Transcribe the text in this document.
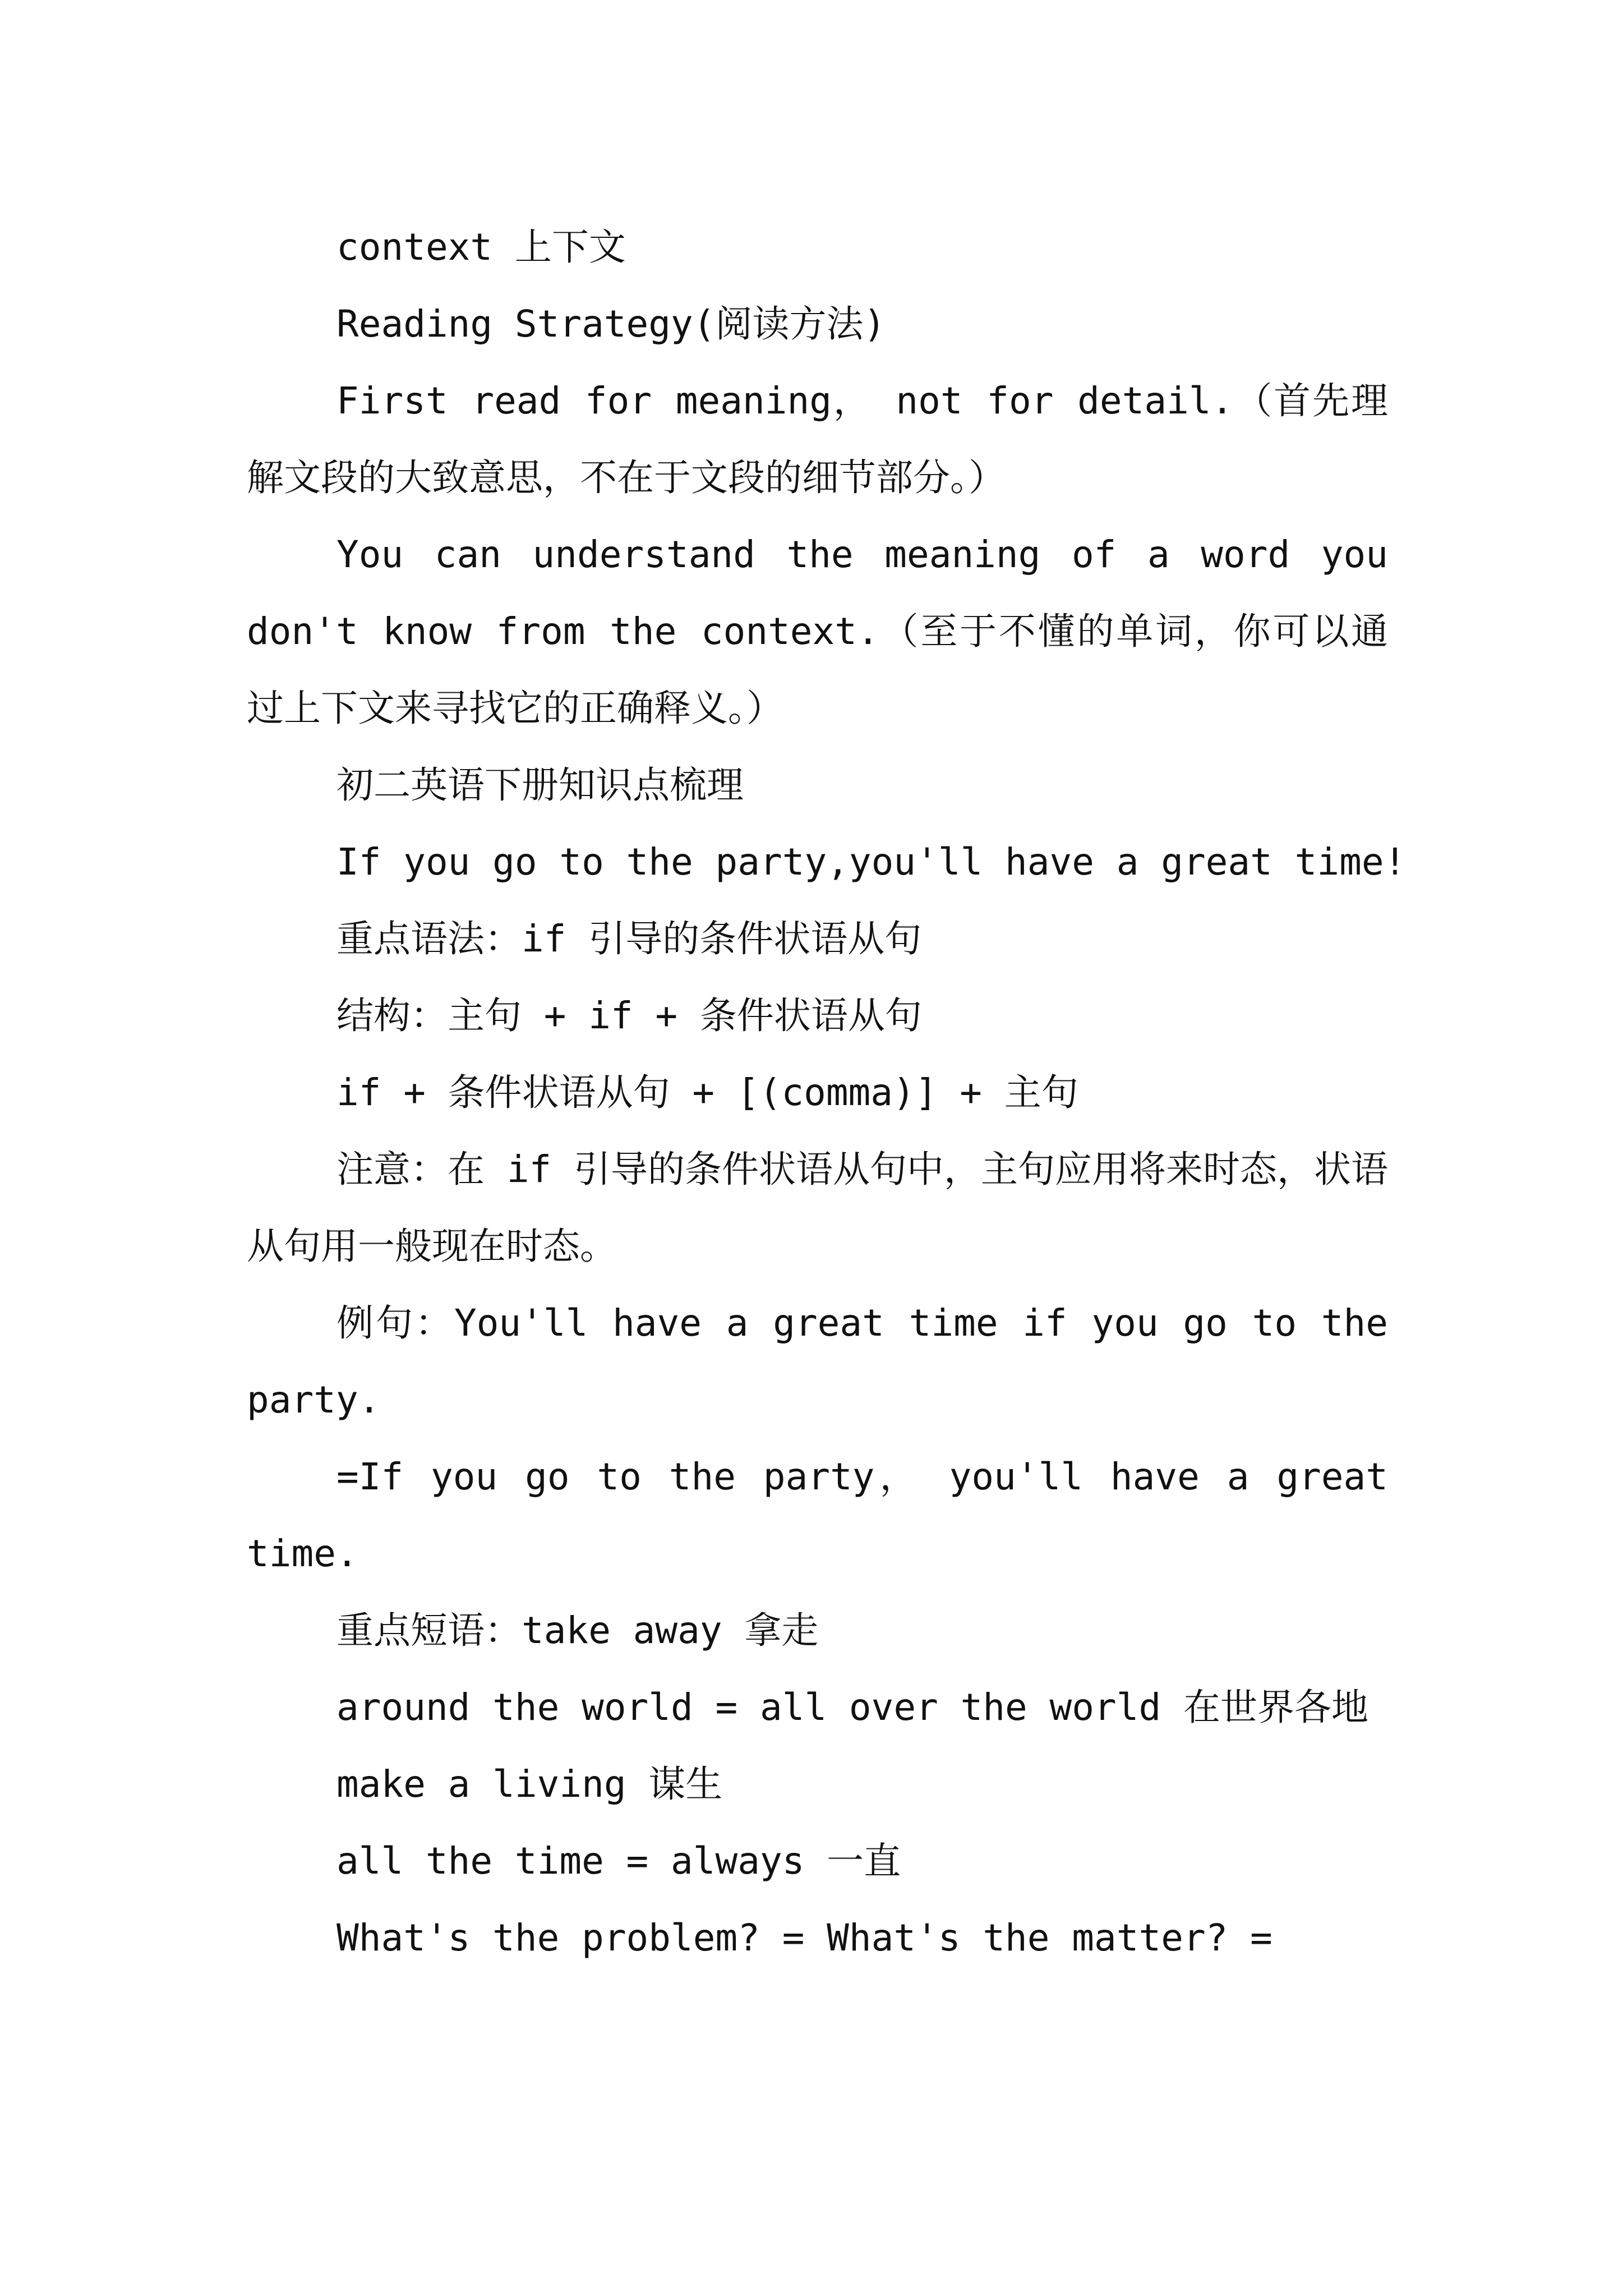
context 上下文

Reading Strategy(阅读方法)

First read for meaning， not for detail.（首先理解文段的大致意思，不在于文段的细节部分。）

You can understand the meaning of a word you don't know from the context.（至于不懂的单词，你可以通过上下文来寻找它的正确释义。）

初二英语下册知识点梳理

If you go to the party,you'll have a great time!

重点语法：if 引导的条件状语从句

结构：主句 + if + 条件状语从句

if + 条件状语从句 + [(comma)] + 主句

注意：在 if 引导的条件状语从句中，主句应用将来时态，状语从句用一般现在时态。

例句：You'll have a great time if you go to the party.

=If you go to the party， you'll have a great time.

重点短语：take away 拿走

around the world = all over the world 在世界各地

make a living 谋生

all the time = always 一直

What's the problem? = What's the matter? =
